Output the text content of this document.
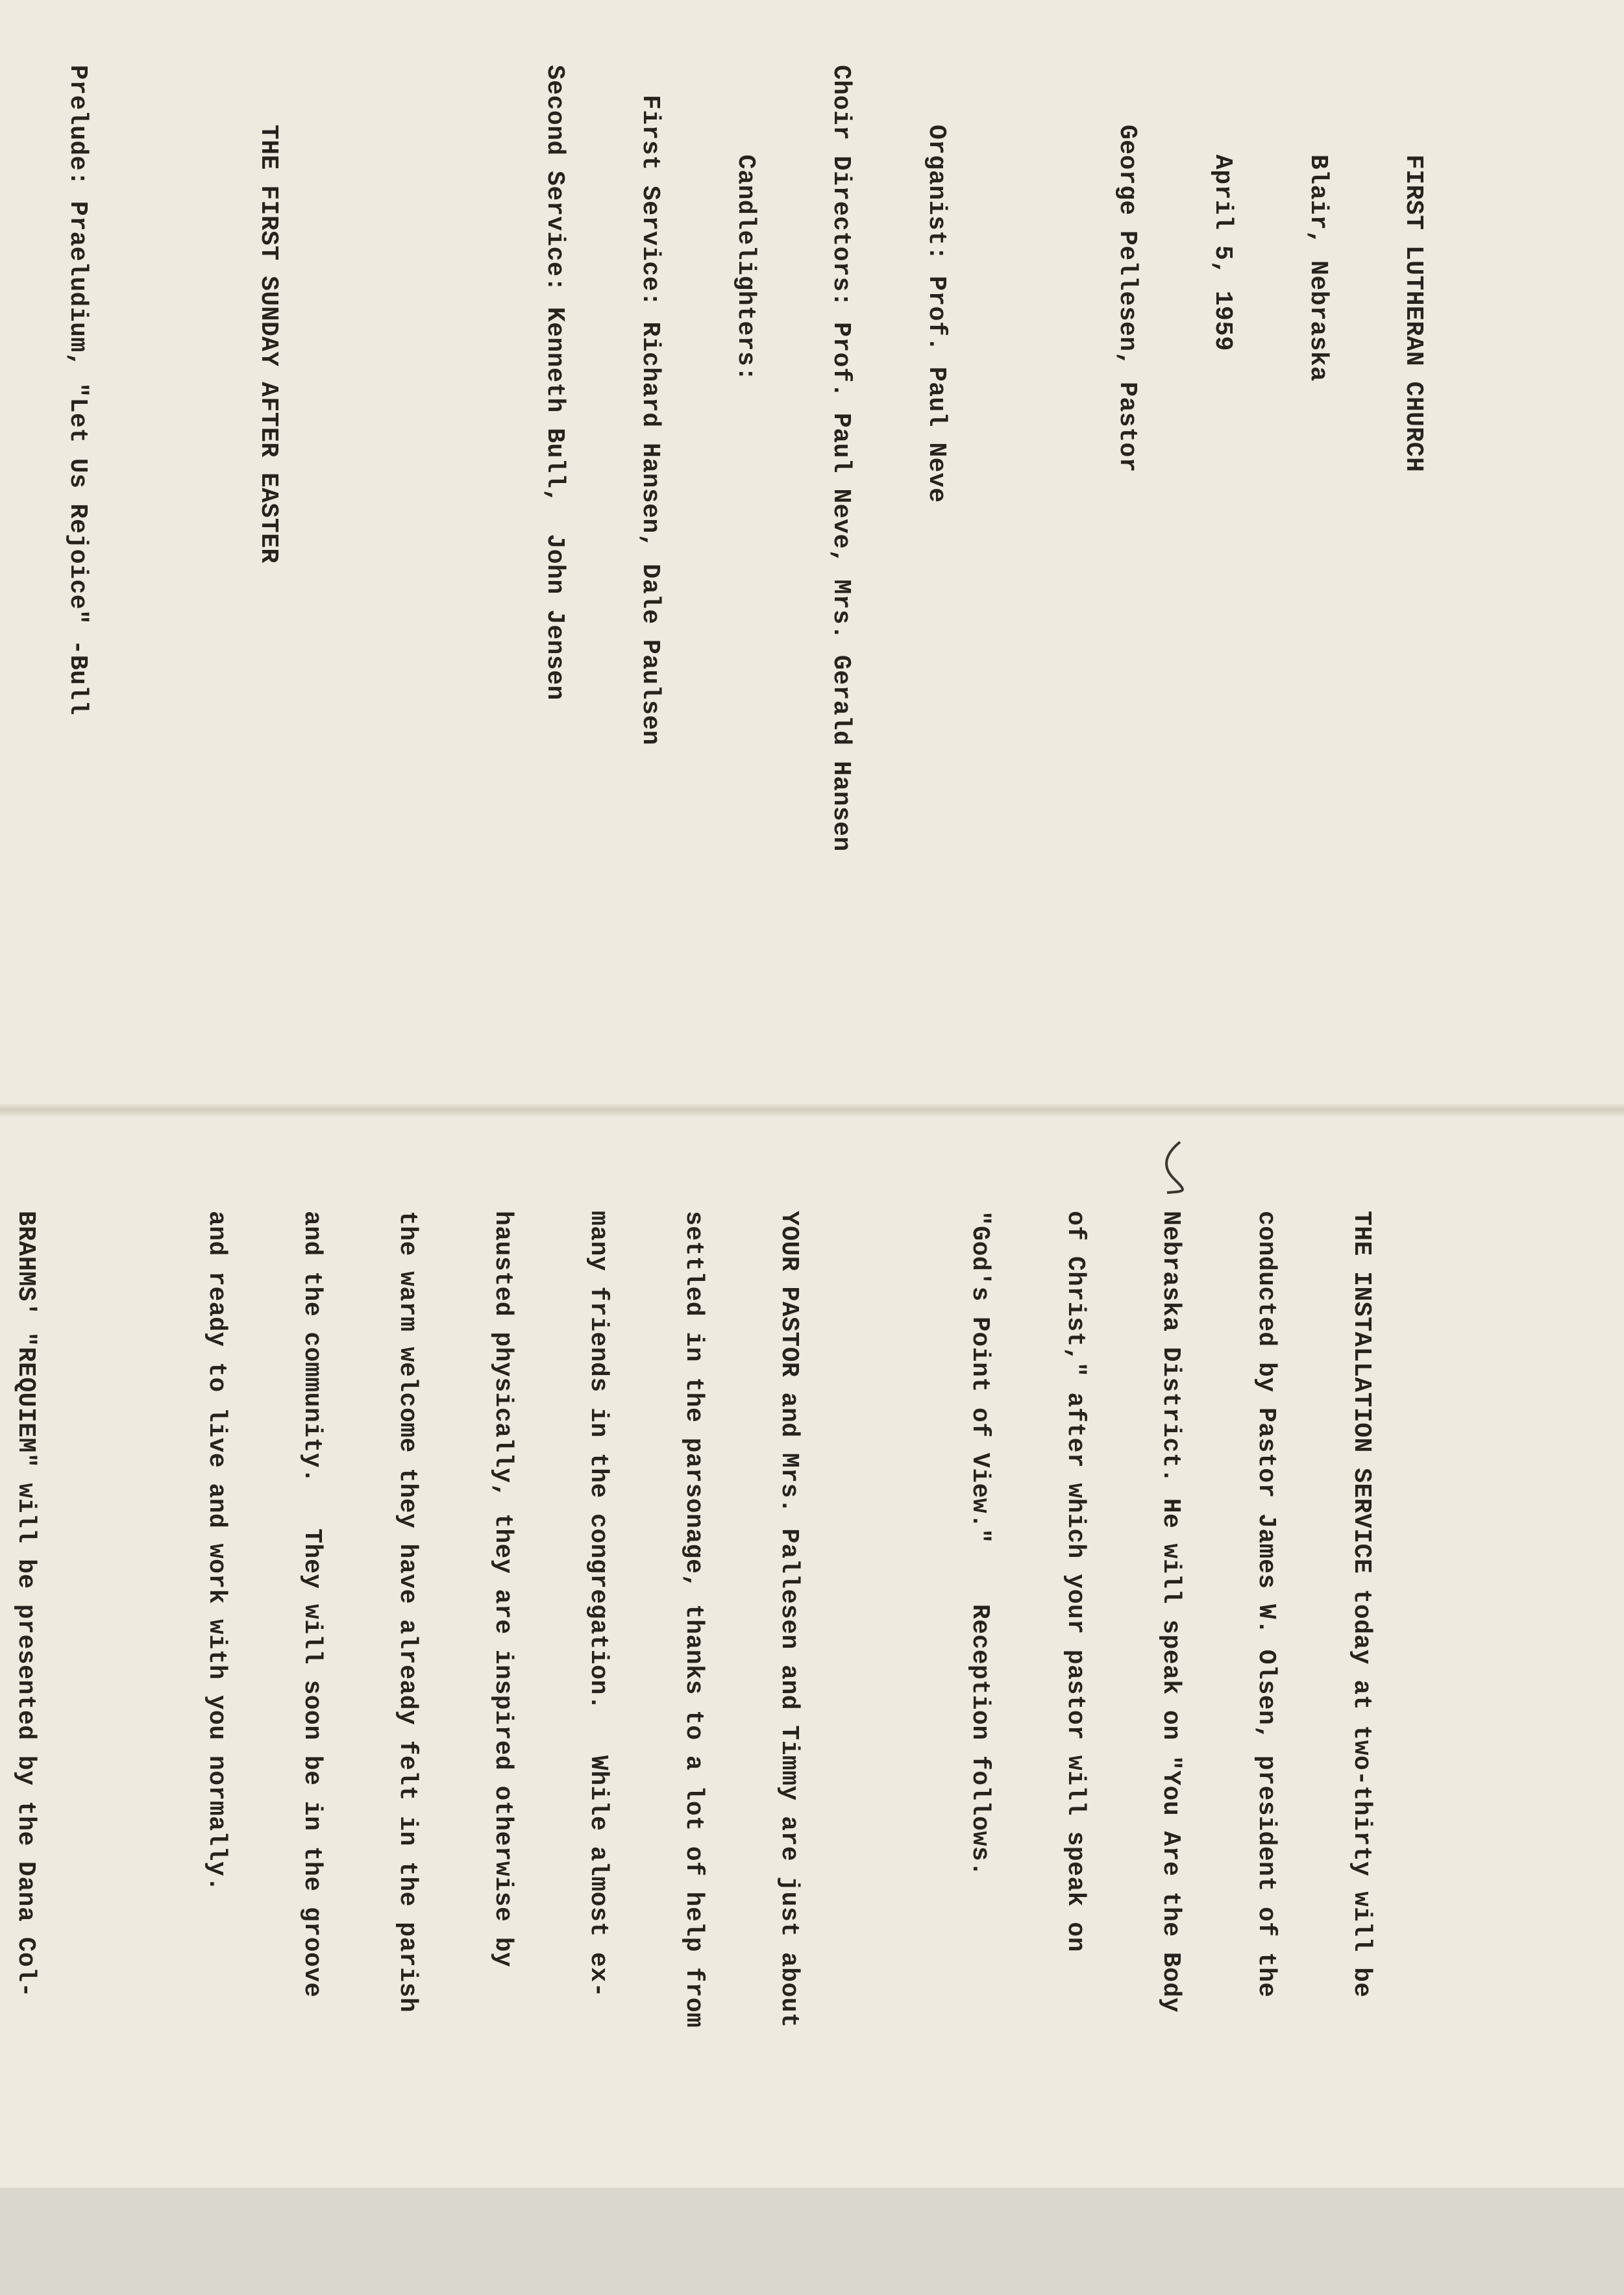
FIRST LUTHERAN CHURCH

Blair, Nebraska

April 5, 1959

George Pellesen, Pastor

Organist: Prof. Paul Neve

Choir Directors: Prof. Paul Neve, Mrs. Gerald Hansen

Candlelighters:

First Service: Richard Hansen, Dale Paulsen

Second Service: Kenneth Bull,  John Jensen

THE FIRST SUNDAY AFTER EASTER

Prelude: Praeludium, "Let Us Rejoice" -Bull

THE INSTALLATION SERVICE today at two-thirty will be

conducted by Pastor James W. Olsen, president of the

Nebraska District. He will speak on "You Are the Body

of Christ," after which your pastor will speak on

"God's Point of View."    Reception follows.

YOUR PASTOR and Mrs. Pallesen and Timmy are just about

settled in the parsonage, thanks to a lot of help from

many friends in the congregation.   While almost ex-

hausted physically, they are inspired otherwise by

the warm welcome they have already felt in the parish

and the community.   They will soon be in the groove

and ready to live and work with you normally.

BRAHMS' "REQUIEM" will be presented by the Dana Col-
